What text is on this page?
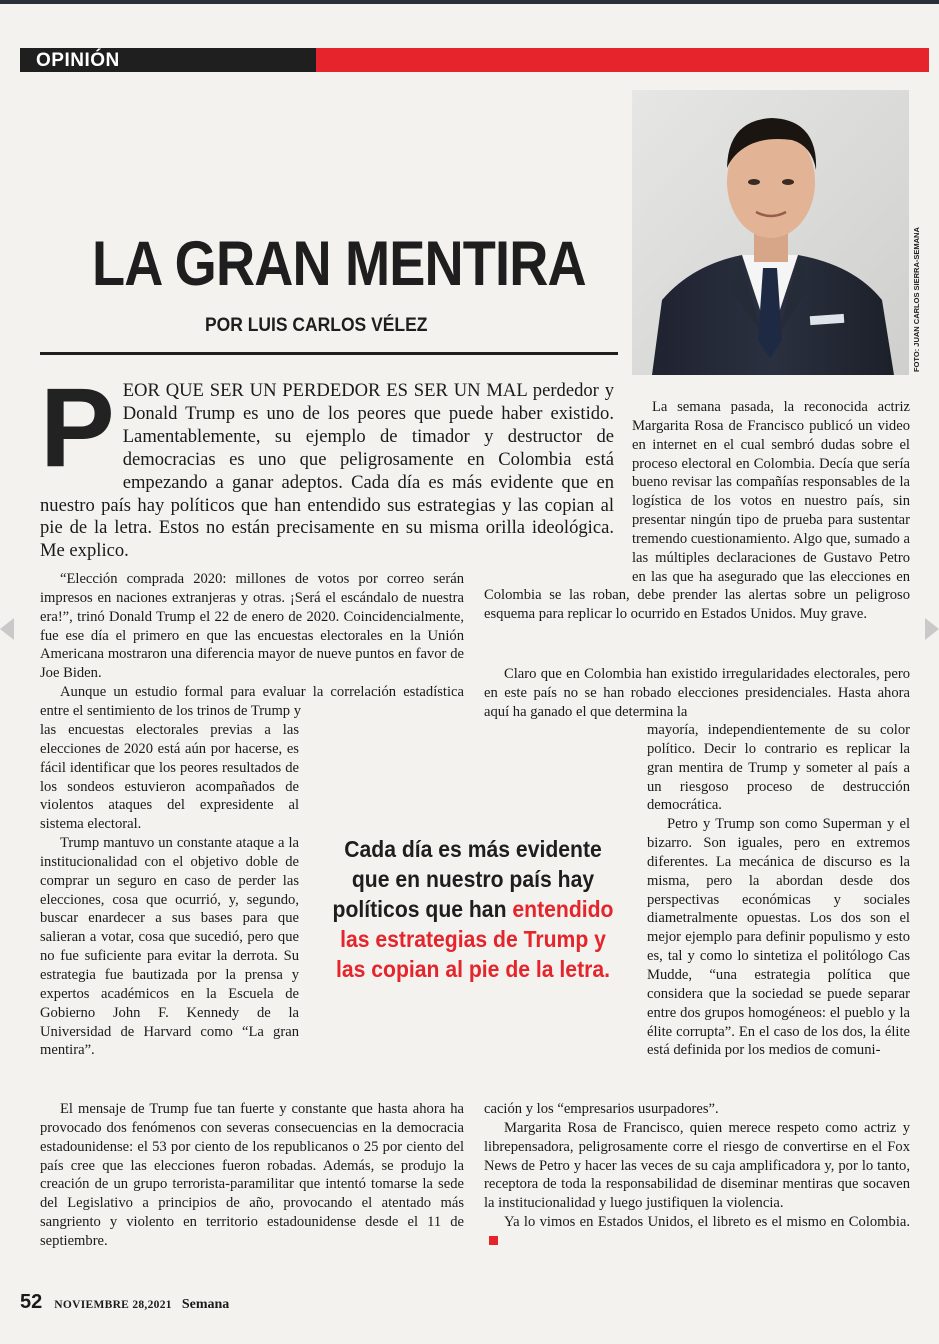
OPINIÓN
FOTO: JUAN CARLOS SIERRA-SEMANA
LA GRAN MENTIRA
POR LUIS CARLOS VÉLEZ
P EOR QUE SER UN PERDEDOR ES SER UN MAL perdedor y Donald Trump es uno de los peores que puede haber existido. Lamentablemente, su ejemplo de timador y destructor de democracias es uno que peligrosamente en Colombia está empezando a ganar adeptos. Cada día es más evidente que en nuestro país hay políticos que han entendido sus estrategias y las copian al pie de la letra. Estos no están precisamente en su misma orilla ideológica. Me explico.

La semana pasada, la reconocida actriz Margarita Rosa de Francisco publicó un video en internet en el cual sembró dudas sobre el proceso electoral en Colombia. Decía que sería bueno revisar las compañías responsables de la logística de los votos en nuestro país, sin presentar ningún tipo de prueba para sustentar tremendo cuestionamiento. Algo que, sumado a las múltiples declaraciones de Gustavo Petro en las que ha asegurado que las elecciones en Colombia se las roban, debe prender las alertas sobre un peligroso esquema para replicar lo ocurrido en Estados Unidos. Muy grave.

“Elección comprada 2020: millones de votos por correo serán impresos en naciones extranjeras y otras. ¡Será el escándalo de nuestra era!”, trinó Donald Trump el 22 de enero de 2020. Coincidencialmente, fue ese día el primero en que las encuestas electorales en la Unión Americana mostraron una diferencia mayor de nueve puntos en favor de Joe Biden.

Aunque un estudio formal para evaluar la correlación estadística entre el sentimiento de los trinos de Trump y

las encuestas electorales previas a las elecciones de 2020 está aún por hacerse, es fácil identificar que los peores resultados de los sondeos estuvieron acompañados de violentos ataques del expresidente al sistema electoral.

Trump mantuvo un constante ataque a la institucionalidad con el objetivo doble de comprar un seguro en caso de perder las elecciones, cosa que ocurrió, y, segundo, buscar enardecer a sus bases para que salieran a votar, cosa que sucedió, pero que no fue suficiente para evitar la derrota. Su estrategia fue bautizada por la prensa y expertos académicos en la Escuela de Gobierno John F. Kennedy de la Universidad de Harvard como “La gran mentira”.

El mensaje de Trump fue tan fuerte y constante que hasta ahora ha provocado dos fenómenos con severas consecuencias en la democracia estadounidense: el 53 por ciento de los republicanos o 25 por ciento del país cree que las elecciones fueron robadas. Además, se produjo la creación de un grupo terrorista-paramilitar que intentó tomarse la sede del Legislativo a principios de año, provocando el atentado más sangriento y violento en territorio estadounidense desde el 11 de septiembre.

Claro que en Colombia han existido irregularidades electorales, pero en este país no se han robado elecciones presidenciales. Hasta ahora aquí ha ganado el que determina la

mayoría, independientemente de su color político. Decir lo contrario es replicar la gran mentira de Trump y someter al país a un riesgoso proceso de destrucción democrática.

Petro y Trump son como Superman y el bizarro. Son iguales, pero en extremos diferentes. La mecánica de discurso es la misma, pero la abordan desde dos perspectivas económicas y sociales diametralmente opuestas. Los dos son el mejor ejemplo para definir populismo y esto es, tal y como lo sintetiza el politólogo Cas Mudde, “una estrategia política que considera que la sociedad se puede separar entre dos grupos homogéneos: el pueblo y la élite corrupta”. En el caso de los dos, la élite está definida por los medios de comuni-

cación y los “empresarios usurpadores”.

Margarita Rosa de Francisco, quien merece respeto como actriz y librepensadora, peligrosamente corre el riesgo de convertirse en el Fox News de Petro y hacer las veces de su caja amplificadora y, por lo tanto, receptora de toda la responsabilidad de diseminar mentiras que socaven la institucionalidad y luego justifiquen la violencia.

Ya lo vimos en Estados Unidos, el libreto es el mismo en Colombia.

Cada día es más evidente que en nuestro país hay políticos que han entendido las estrategias de Trump y las copian al pie de la letra.
52 NOVIEMBRE 28,2021 Semana
